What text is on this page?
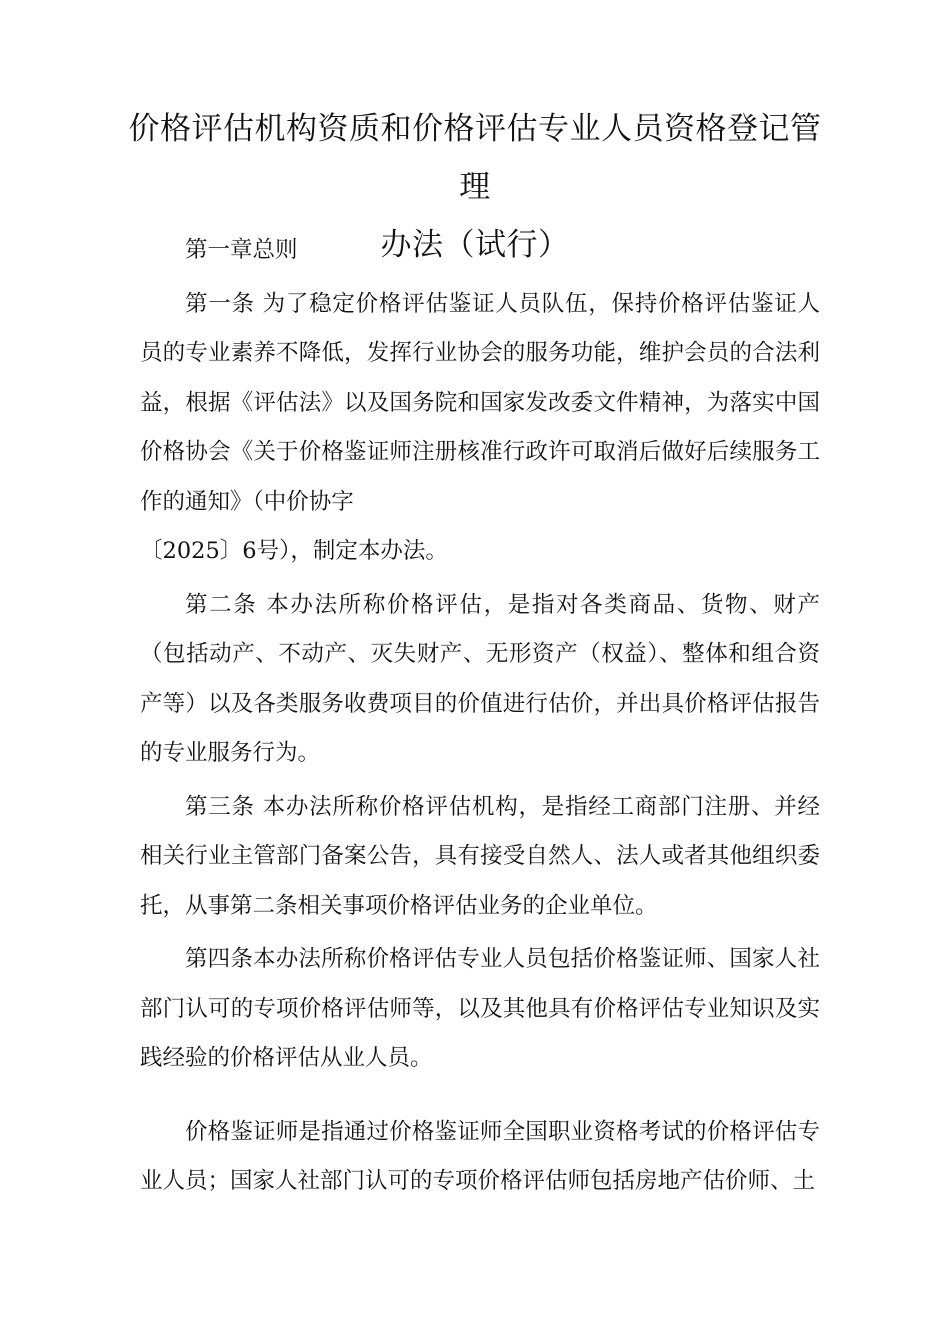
价格评估机构资质和价格评估专业人员资格登记管理
办法（试行）

第一章总则

第一条 为了稳定价格评估鉴证人员队伍，保持价格评估鉴证人员的专业素养不降低，发挥行业协会的服务功能，维护会员的合法利益，根据《评估法》以及国务院和国家发改委文件精神，为落实中国价格协会《关于价格鉴证师注册核准行政许可取消后做好后续服务工作的通知》（中价协字

〔2025〕6号），制定本办法。

第二条 本办法所称价格评估，是指对各类商品、货物、财产（包括动产、不动产、灭失财产、无形资产（权益）、整体和组合资产等）以及各类服务收费项目的价值进行估价，并出具价格评估报告的专业服务行为。

第三条 本办法所称价格评估机构，是指经工商部门注册、并经相关行业主管部门备案公告，具有接受自然人、法人或者其他组织委托，从事第二条相关事项价格评估业务的企业单位。

第四条本办法所称价格评估专业人员包括价格鉴证师、国家人社部门认可的专项价格评估师等，以及其他具有价格评估专业知识及实践经验的价格评估从业人员。

价格鉴证师是指通过价格鉴证师全国职业资格考试的价格评估专业人员；国家人社部门认可的专项价格评估师包括房地产估价师、土
